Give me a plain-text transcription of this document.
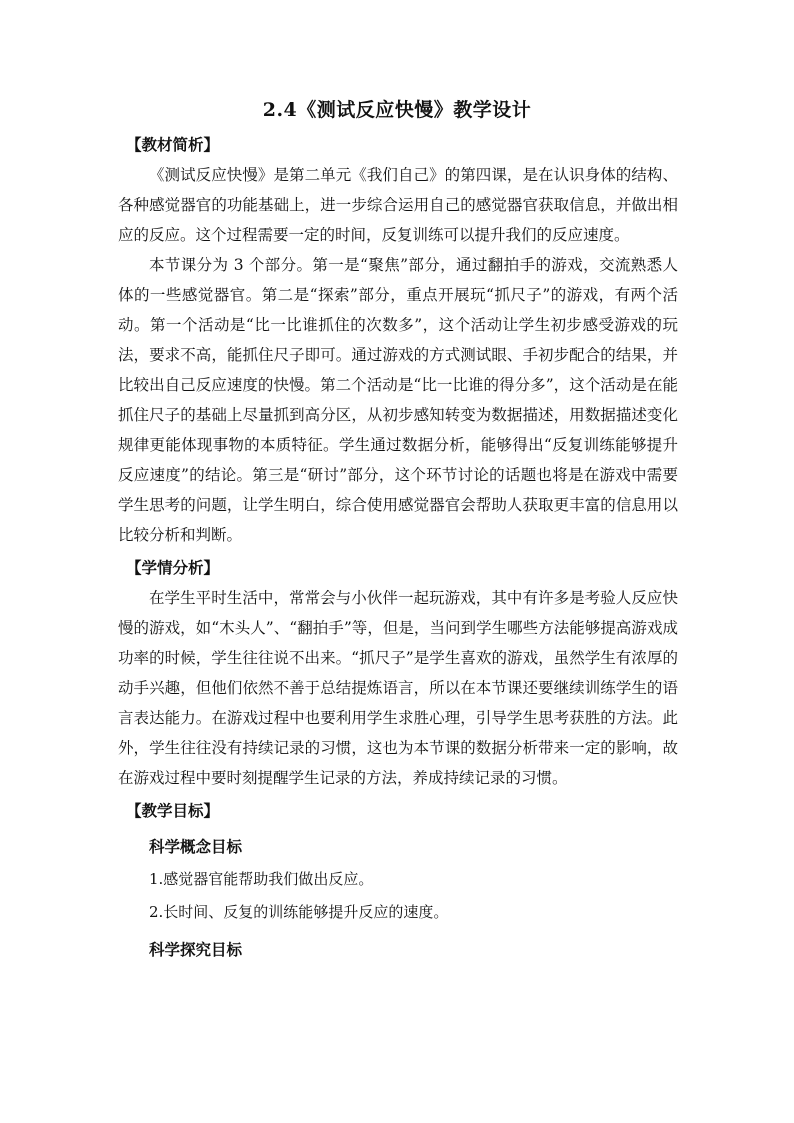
2.4《测试反应快慢》教学设计

【教材简析】

《测试反应快慢》是第二单元《我们自己》的第四课，是在认识身体的结构、各种感觉器官的功能基础上，进一步综合运用自己的感觉器官获取信息，并做出相应的反应。这个过程需要一定的时间，反复训练可以提升我们的反应速度。

本节课分为 3 个部分。第一是“聚焦”部分，通过翻拍手的游戏，交流熟悉人体的一些感觉器官。第二是“探索”部分，重点开展玩“抓尺子”的游戏，有两个活动。第一个活动是“比一比谁抓住的次数多”，这个活动让学生初步感受游戏的玩法，要求不高，能抓住尺子即可。通过游戏的方式测试眼、手初步配合的结果，并比较出自己反应速度的快慢。第二个活动是“比一比谁的得分多”，这个活动是在能抓住尺子的基础上尽量抓到高分区，从初步感知转变为数据描述，用数据描述变化规律更能体现事物的本质特征。学生通过数据分析，能够得出“反复训练能够提升反应速度”的结论。第三是“研讨”部分，这个环节讨论的话题也将是在游戏中需要学生思考的问题，让学生明白，综合使用感觉器官会帮助人获取更丰富的信息用以比较分析和判断。

【学情分析】

在学生平时生活中，常常会与小伙伴一起玩游戏，其中有许多是考验人反应快慢的游戏，如“木头人”、“翻拍手”等，但是，当问到学生哪些方法能够提高游戏成功率的时候，学生往往说不出来。“抓尺子”是学生喜欢的游戏，虽然学生有浓厚的动手兴趣，但他们依然不善于总结提炼语言，所以在本节课还要继续训练学生的语言表达能力。在游戏过程中也要利用学生求胜心理，引导学生思考获胜的方法。此外，学生往往没有持续记录的习惯，这也为本节课的数据分析带来一定的影响，故在游戏过程中要时刻提醒学生记录的方法，养成持续记录的习惯。

【教学目标】

科学概念目标

1.感觉器官能帮助我们做出反应。

2.长时间、反复的训练能够提升反应的速度。

科学探究目标
